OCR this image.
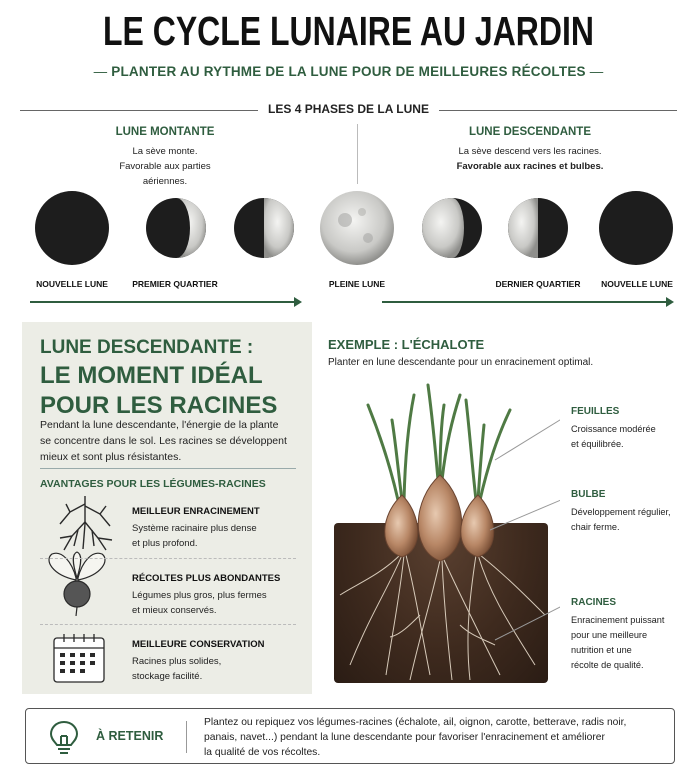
LE CYCLE LUNAIRE AU JARDIN
— PLANTER AU RYTHME DE LA LUNE POUR DE MEILLEURES RÉCOLTES —
LES 4 PHASES DE LA LUNE
LUNE MONTANTE
La sève monte.
Favorable aux parties
aériennes.
LUNE DESCENDANTE
La sève descend vers les racines.
Favorable aux racines et bulbes.
NOUVELLE LUNE	PREMIER QUARTIER	PLEINE LUNE	DERNIER QUARTIER	NOUVELLE LUNE
LUNE DESCENDANTE :
LE MOMENT IDÉAL
POUR LES RACINES
Pendant la lune descendante, l'énergie de la plante
se concentre dans le sol. Les racines se développent
mieux et sont plus résistantes.
AVANTAGES POUR LES LÉGUMES-RACINES
MEILLEUR ENRACINEMENT
Système racinaire plus dense
et plus profond.
RÉCOLTES PLUS ABONDANTES
Légumes plus gros, plus fermes
et mieux conservés.
MEILLEURE CONSERVATION
Racines plus solides,
stockage facilité.
EXEMPLE : L'ÉCHALOTE
Planter en lune descendante pour un enracinement optimal.
FEUILLES
Croissance modérée
et équilibrée.
BULBE
Développement régulier,
chair ferme.
RACINES
Enracinement puissant
pour une meilleure
nutrition et une
récolte de qualité.
À RETENIR
Plantez ou repiquez vos légumes-racines (échalote, ail, oignon, carotte, betterave, radis noir,
panais, navet...) pendant la lune descendante pour favoriser l'enracinement et améliorer
la qualité de vos récoltes.
